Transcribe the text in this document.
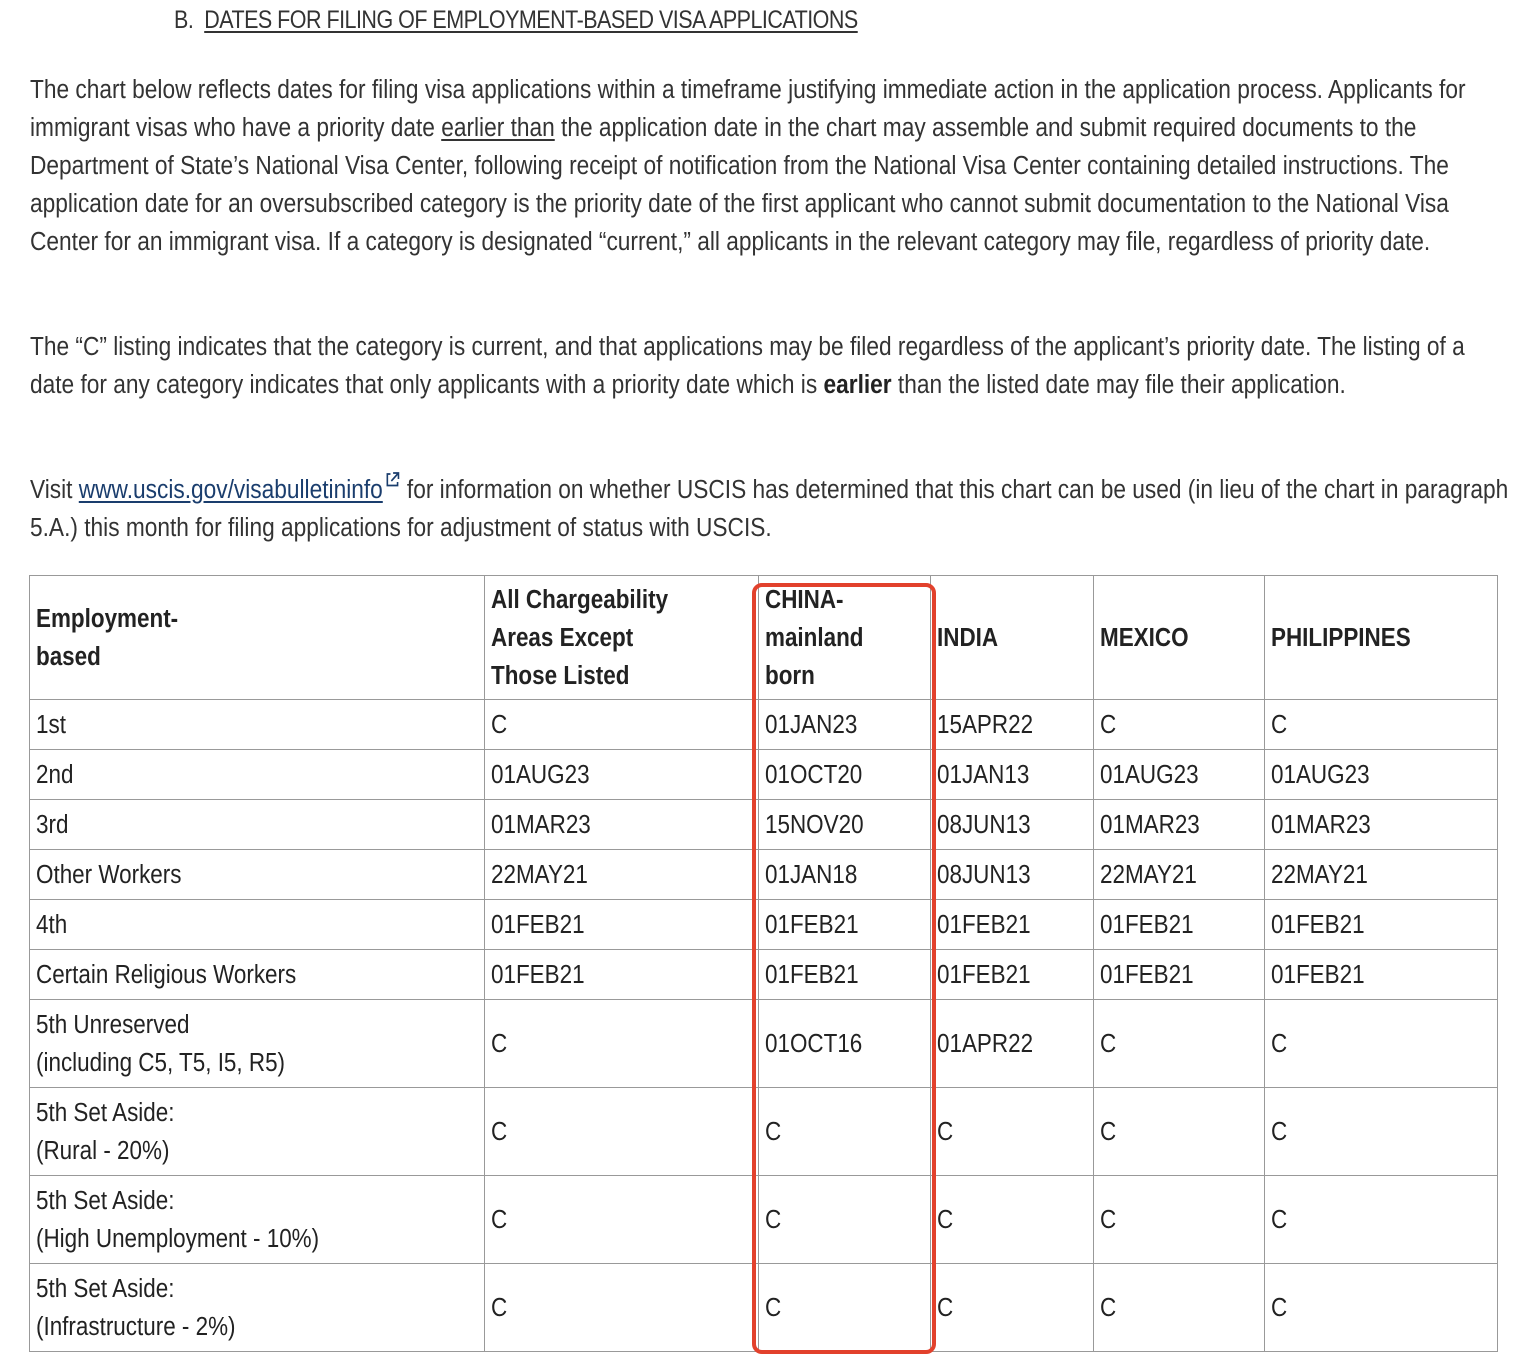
B. DATES FOR FILING OF EMPLOYMENT-BASED VISA APPLICATIONS

The chart below reflects dates for filing visa applications within a timeframe justifying immediate action in the application process. Applicants for immigrant visas who have a priority date earlier than the application date in the chart may assemble and submit required documents to the Department of State’s National Visa Center, following receipt of notification from the National Visa Center containing detailed instructions. The application date for an oversubscribed category is the priority date of the first applicant who cannot submit documentation to the National Visa Center for an immigrant visa. If a category is designated “current,” all applicants in the relevant category may file, regardless of priority date.

The “C” listing indicates that the category is current, and that applications may be filed regardless of the applicant’s priority date. The listing of a date for any category indicates that only applicants with a priority date which is earlier than the listed date may file their application.

Visit www.uscis.gov/visabulletininfo for information on whether USCIS has determined that this chart can be used (in lieu of the chart in paragraph 5.A.) this month for filing applications for adjustment of status with USCIS.

Employment-
based	All Chargeability
Areas Except
Those Listed	CHINA-
mainland
born	INDIA	MEXICO	PHILIPPINES
1st	C	01JAN23	15APR22	C	C
2nd	01AUG23	01OCT20	01JAN13	01AUG23	01AUG23
3rd	01MAR23	15NOV20	08JUN13	01MAR23	01MAR23
Other Workers	22MAY21	01JAN18	08JUN13	22MAY21	22MAY21
4th	01FEB21	01FEB21	01FEB21	01FEB21	01FEB21
Certain Religious Workers	01FEB21	01FEB21	01FEB21	01FEB21	01FEB21
5th Unreserved
(including C5, T5, I5, R5)	C	01OCT16	01APR22	C	C
5th Set Aside:
(Rural - 20%)	C	C	C	C	C
5th Set Aside:
(High Unemployment - 10%)	C	C	C	C	C
5th Set Aside:
(Infrastructure - 2%)	C	C	C	C	C
